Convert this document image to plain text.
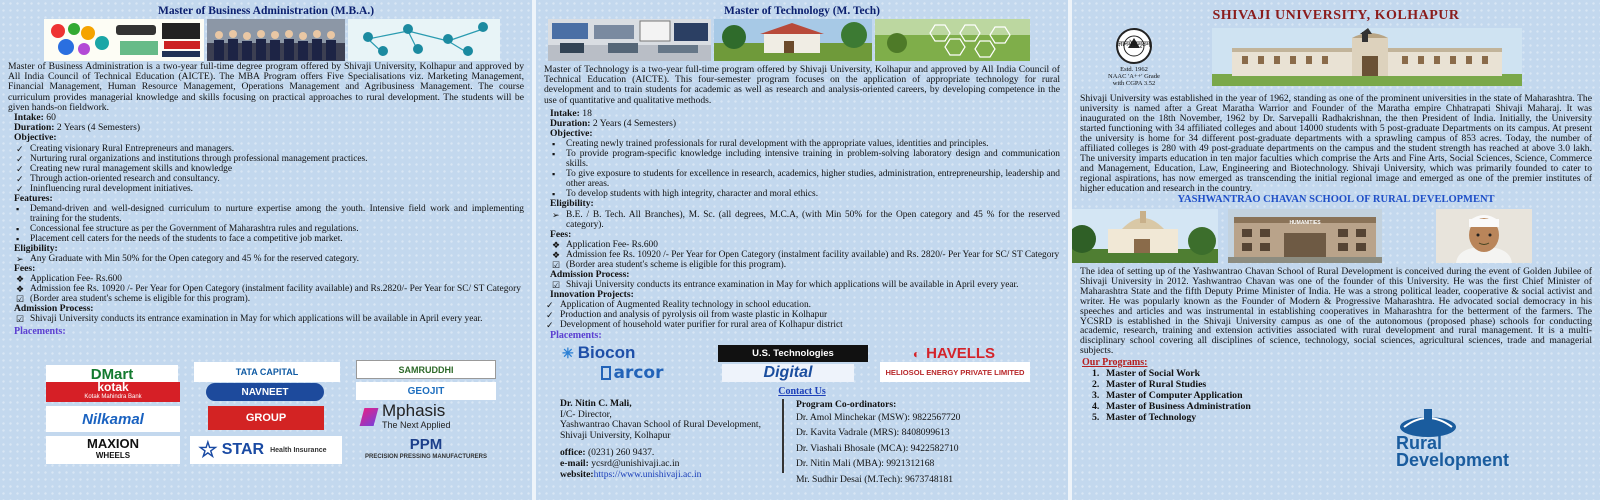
Master of Business Administration (M.B.A.)
Master of Business Administration is a two-year full-time degree program offered by Shivaji University, Kolhapur and approved by All India Council of Technical Education (AICTE). The MBA Program offers Five Specialisations viz. Marketing Management, Financial Management, Human Resource Management, Operations Management and Agribusiness Management. The course curriculum provides managerial knowledge and skills focusing on practical approaches to rural development. The students will be given hands-on fieldwork.
Intake: 60
Duration: 2 Years (4 Semesters)
Objective:
✓ Creating visionary Rural Entrepreneurs and managers.
✓ Nurturing rural organizations and institutions through professional management practices.
✓ Creating new rural management skills and knowledge
✓ Through action-oriented research and consultancy.
✓ Ininfluencing rural development initiatives.
Features:
▪ Demand-driven and well-designed curriculum to nurture expertise among the youth. Intensive field work and implementing training for the students.
▪ Concessional fee structure as per the Government of Maharashtra rules and regulations.
▪ Placement cell caters for the needs of the students to face a competitive job market.
Eligibility:
➢ Any Graduate with Min 50% for the Open category and 45 % for the reserved category.
Fees:
❖ Application Fee- Rs.600
❖ Admission fee Rs. 10920 /- Per Year for Open Category (instalment facility available) and Rs.2820/- Per Year for SC/ ST Category
☑ (Border area student's scheme is eligible for this program).
Admission Process:
☑ Shivaji University conducts its entrance examination in May for which applications will be available in April every year.
Placements:
DMart	TATA CAPITAL	SAMRUDDHI
kotak
Kotak Mahindra Bank	NAVNEET	GEOJIT
Nilkamal	GROUP	Mphasis
The Next Applied
MAXION
WHEELS	☆ STAR Health Insurance	PPM
PRECISION PRESSING MANUFACTURERS
Master of Technology (M. Tech)
Master of Technology is a two-year full-time program offered by Shivaji University, Kolhapur and approved by All India Council of Technical Education (AICTE). This four-semester program focuses on the application of appropriate technology for rural development and to train students for academic as well as research and analysis-oriented careers, by developing competence in the use of quantitative and qualitative methods.
Intake: 18
Duration: 2 Years (4 Semesters)
Objective:
▪ Creating newly trained professionals for rural development with the appropriate values, identities and principles.
▪ To provide program-specific knowledge including intensive training in problem-solving laboratory design and communication skills.
▪ To give exposure to students for excellence in research, academics, higher studies, administration, entrepreneurship, leadership and other areas.
▪ To develop students with high integrity, character and moral ethics.
Eligibility:
➢ B.E. / B. Tech. All Branches), M. Sc. (all degrees, M.C.A, (with Min 50% for the Open category and 45 % for the reserved category).
Fees:
❖ Application Fee- Rs.600
❖ Admission fee Rs. 10920 /- Per Year for Open Category (instalment facility available) and Rs. 2820/- Per Year for SC/ ST Category
☑ (Border area student's scheme is eligible for this program).
Admission Process:
☑ Shivaji University conducts its entrance examination in May for which applications will be available in April every year.
Innovation Projects:
✓ Application of Augmented Reality technology in school education.
✓ Production and analysis of pyrolysis oil from waste plastic in Kolhapur
✓ Development of household water purifier for rural area of Kolhapur district
Placements:
✳ Biocon	U.S. Technologies	◐ HAVELLS
arcor	Digital	HELIOSOL ENERGY PRIVATE LIMITED
Contact Us
Dr. Nitin C. Mali,
I/C- Director,
Yashwantrao Chavan School of Rural Development,
Shivaji University, Kolhapur
office: (0231) 260 9437.
e-mail: ycsrd@unishivaji.ac.in
website:https://www.unishivaji.ac.in
Program Co-ordinators:
Dr. Amol Minchekar (MSW): 9822567720
Dr. Kavita Vadrale (MRS): 8408099613
Dr. Viashali Bhosale (MCA): 9422582710
Dr. Nitin Mali (MBA): 9921312168
Mr. Sudhir Desai (M.Tech): 9673748181
SHIVAJI UNIVERSITY, KOLHAPUR
ज्ञानमेवामृतम्
Estd. 1962
NAAC 'A++' Grade
with CGPA 3.52
Shivaji University was established in the year of 1962, standing as one of the prominent universities in the state of Maharashtra. The university is named after a Great Maratha Warrior and Founder of the Maratha empire Chhatrapati Shivaji Maharaj. It was inaugurated on the 18th November, 1962 by Dr. Sarvepalli Radhakrishnan, the then President of India. Initially, the University started functioning with 34 affiliated colleges and about 14000 students with 5 post-graduate Departments on its campus. At present the university is home for 34 different post-graduate departments with a sprawling campus of 853 acres. Today, the number of affiliated colleges is 280 with 49 post-graduate departments on the campus and the student strength has reached at above 3.0 lakh. The university imparts education in ten major faculties which comprise the Arts and Fine Arts, Social Sciences, Science, Commerce and Management, Education, Law, Engineering and Biotechnology. Shivaji University, which was primarily founded to cater to regional aspirations, has now emerged as transcending the initial regional image and emerged as one of the premier institutes of higher education and research in the country.
YASHWANTRAO CHAVAN SCHOOL OF RURAL DEVELOPMENT
HUMANITIES
The idea of setting up of the Yashwantrao Chavan School of Rural Development is conceived during the event of Golden Jubilee of Shivaji University in 2012. Yashwantrao Chavan was one of the founder of this University. He was the first Chief Minister of Maharashtra State and the fifth Deputy Prime Minister of India. He was a strong political leader, cooperative & social activist and writer. He was popularly known as the Founder of Modern & Progressive Maharashtra. He advocated social democracy in his speeches and articles and was instrumental in establishing cooperatives in Maharashtra for the betterment of the farmers. The YCSRD is established in the Shivaji University campus as one of the autonomous (proposed phase) schools for conducting academic, research, training and extension activities associated with rural development and rural management. It is a multi-disciplinary school covering all disciplines of science, technology, social sciences, agricultural sciences, trade and managerial subjects.
Our Programs:
1. Master of Social Work
2. Master of Rural Studies
3. Master of Computer Application
4. Master of Business Administration
5. Master of Technology
Rural
Development
